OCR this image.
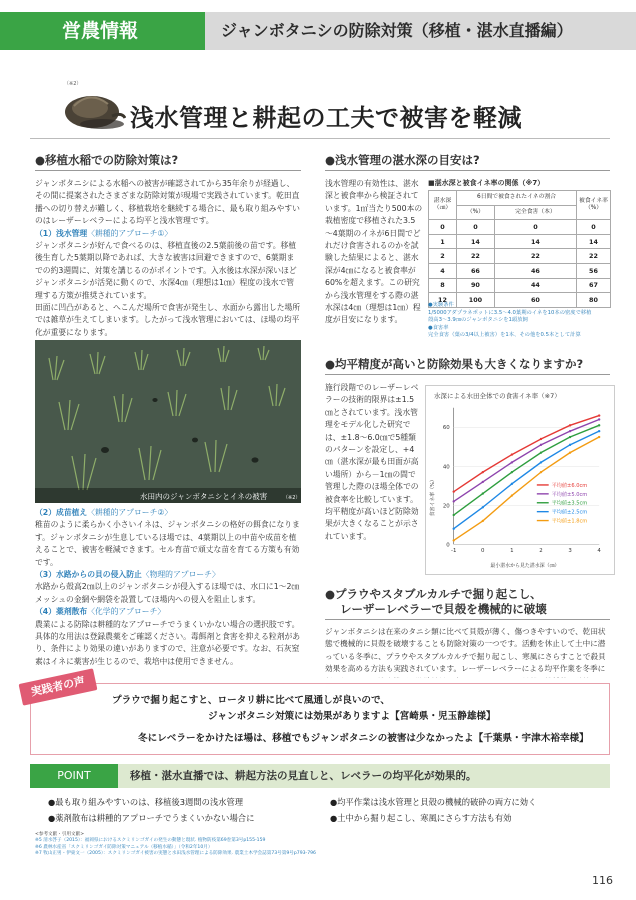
営農情報	ジャンボタニシの防除対策（移植・湛水直播編）
（※2）
浅水管理と耕起の工夫で被害を軽減
●移植水稲での防除対策は?

ジャンボタニシによる水稲への被害が確認されてから35年余りが経過し、その間に提案されたさまざまな防除対策が現場で実践されています。乾田直播への切り替えが難しく、移植栽培を継続する場合に、最も取り組みやすいのはレーザーレベラーによる均平と浅水管理です。

（1）浅水管理〈耕種的アプローチ①〉

ジャンボタニシが好んで食べるのは、移植直後の2.5葉前後の苗です。移植後生育した5葉期以降であれば、大きな被害は回避できますので、6葉期までの約3週間に、対策を講じるのがポイントです。入水後は水深が深いほどジャンボタニシが活発に動くので、水深4㎝（理想は1㎝）程度の浅水で管理する方策が推奨されています。

田面に凹凸があると、へこんだ場所で食害が発生し、水面から露出した場所では雑草が生えてしまいます。したがって浅水管理においては、ほ場の均平化が重要になります。

水田内のジャンボタニシとイネの被害	（※2）

（2）成苗植え〈耕種的アプローチ②〉

稚苗のように柔らかく小さいイネは、ジャンボタニシの格好の餌食になります。ジャンボタニシが生息しているほ場では、4葉期以上の中苗や成苗を植えることで、被害を軽減できます。セル育苗で頑丈な苗を育てる方策も有効です。

（3）水路からの貝の侵入防止〈物理的アプローチ〉

水路から殻高2㎝以上のジャンボタニシが侵入するほ場では、水口に1～2㎝メッシュの金網や網袋を設置してほ場内への侵入を阻止します。

（4）薬剤散布〈化学的アプローチ〉

農業による防除は耕種的なアプローチでうまくいかない場合の選択肢です。具体的な用法は登録農薬をご確認ください。毒餌剤と食害を抑える粒剤があり、条件により効果の違いがありますので、注意が必要です。なお、石灰窒素はイネに薬害が生じるので、栽培中は使用できません。

●浅水管理の湛水深の目安は?
浅水管理の有効性は、湛水深と被食率から検証されています。1㎡当たり500本の栽植密度で移植された3.5～4葉期のイネが6日間でどれだけ食害されるのかを試験した結果によると、湛水深が4㎝になると被食率が60%を超えます。この研究から浅水管理をする際の湛水深は4㎝（理想は1㎝）程度が目安になります。
■湛水深と被食イネ率の関係（※7）
湛水深（㎝）	6日間で被食されたイネの割合		被食イネ率（%）
	（%）	完全食害（本）	
0	0	0	0
1	14	14	14
2	22	22	22
4	66	46	56
8	90	44	67
12	100	60	80
●実験条件
1/5000アダプラネポットに3.5～4.0葉期のイネを10本の密度で移植
殻高3～3.9㎝のジャンボタニシを1頭放飼
●食害率
完全食害（葉の3/4以上被害）を1本、その他を0.5本として計算
●均平精度が高いと防除効果も大きくなりますか?
施行段階でのレーザーレベラーの技術的限界は±1.5㎝とされています。浅水管理をモデル化した研究では、±1.8～6.0㎝で5種類のパターンを設定し、+4㎝（湛水深が最も田面が高い場所）から－1㎝の間で管理した際のほ場全体での被食率を比較しています。均平精度が高いほど防除効果が大きくなることが示されています。
水深による水田全体での食害イネ率（※7）
0
20
40
60
-1	0	1	2	3	4
平均値±6.0cm
平均値±5.0cm
平均値±3.5cm
平均値±2.5cm
平均値±1.8cm
最小湛水から見た湛水深（㎝）
食害イネ率（%）
●プラウやスタブルカルチで掘り起こし、
レーザーレベラーで貝殻を機械的に破壊
ジャンボタニシは在来のタニシ類に比べて貝殻が薄く、傷つきやすいので、乾田状態で機械的に貝殻を破壊することも防除対策の一つです。活動を休止して土中に潜っている冬季に、プラウやスタブルカルチで掘り起こし、寒風にさらすことで殺貝効果を高める方法も実践されています。レーザーレベラーによる均平作業を冬季に
実践者の声
プラウで掘り起こすと、ロータリ耕に比べて風通しが良いので、
ジャンボタニシ対策には効果がありますよ【宮崎県・児玉静雄様】
冬にレベラーをかけたほ場は、移植でもジャンボタニシの被害は少なかったよ【千葉県・宇津木裕幸様】
POINT	移植・湛水直播では、耕起方法の見直しと、レベラーの均平化が効果的。
●最も取り組みやすいのは、移植後3週間の浅水管理	●均平作業は浅水管理と貝殻の機械的破砕の両方に効く
●薬剤散布は耕種的アプローチでうまくいかない場合に	●土中から掘り起こし、寒風にさらす方法も有効
<参考文献・引用文献>
※5 清水啓子（2015）：福岡県におけるスクミリンゴガイの発生の動態と現状. 植物防疫第69巻第3号p155-159
※6 農林水産省「スクミリンゴガイ防除対策マニュアル（移植水稲）」（令和2年10月）
※7 牧山正男・伊東文一（2005）：スクミリンゴガイ被害の実態と水田浅水管理による防除効果. 農業土木学会誌第73号第9号p793-796
116
